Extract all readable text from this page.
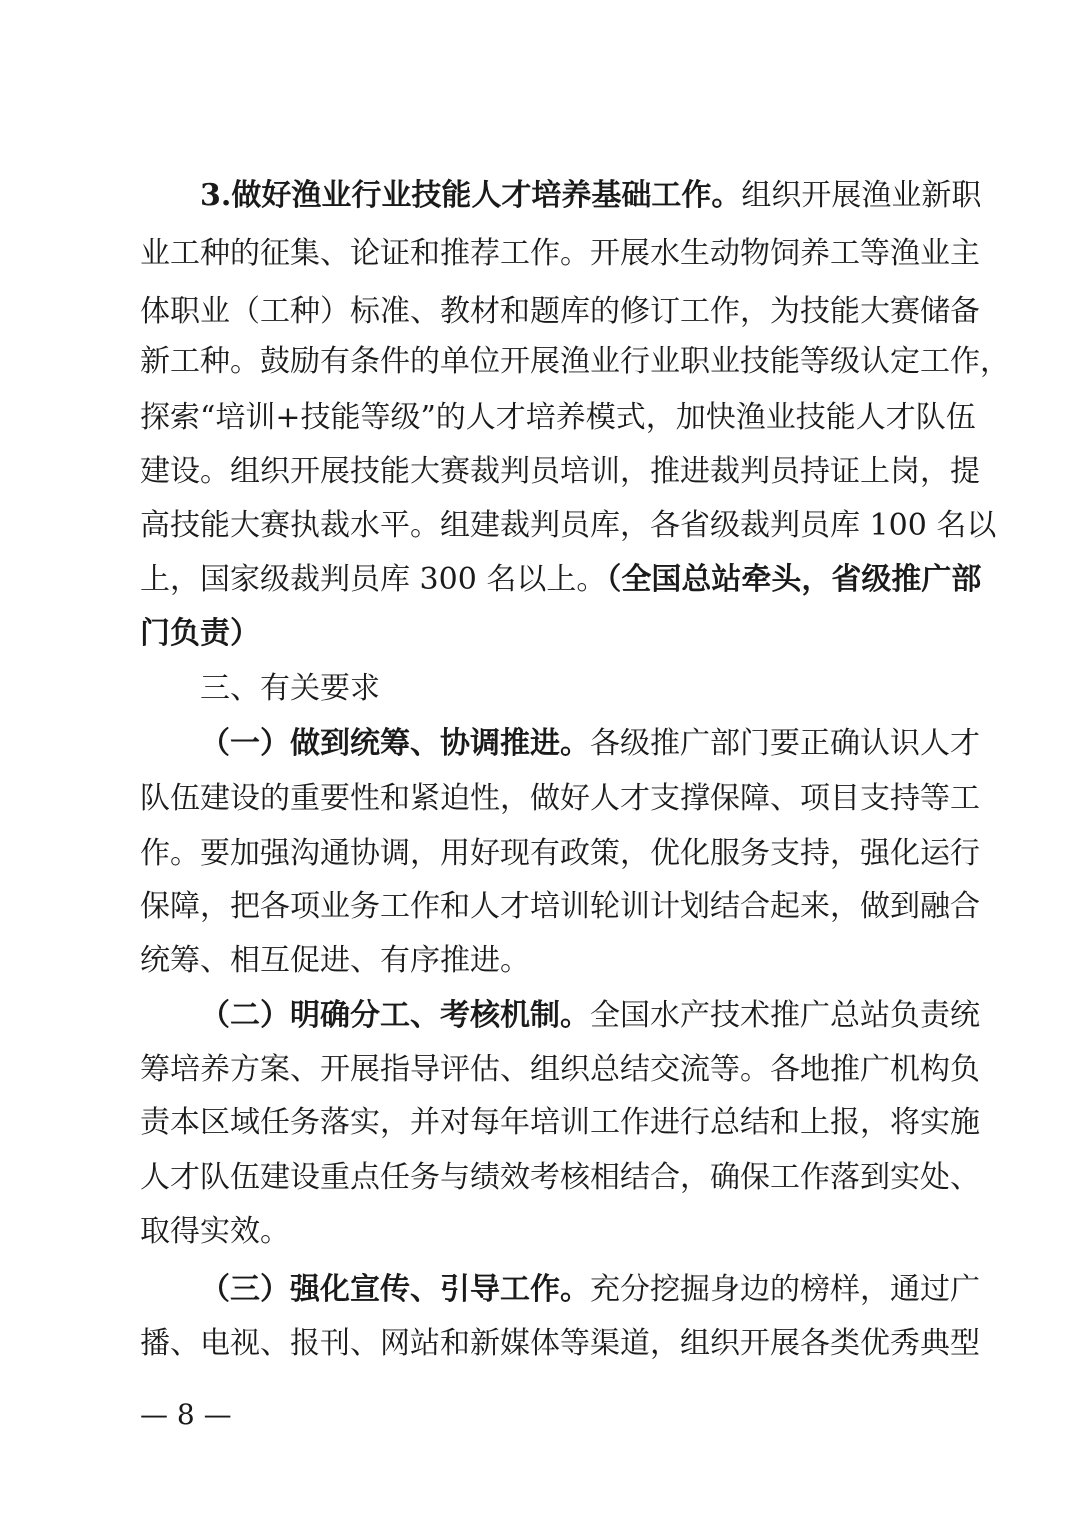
3.做好渔业行业技能人才培养基础工作。组织开展渔业新职
业工种的征集、论证和推荐工作。开展水生动物饲养工等渔业主
体职业（工种）标准、教材和题库的修订工作，为技能大赛储备
新工种。鼓励有条件的单位开展渔业行业职业技能等级认定工作，
探索“培训+技能等级”的人才培养模式，加快渔业技能人才队伍
建设。组织开展技能大赛裁判员培训，推进裁判员持证上岗，提
高技能大赛执裁水平。组建裁判员库，各省级裁判员库 100 名以
上，国家级裁判员库 300 名以上。（全国总站牵头，省级推广部
门负责）
三、有关要求
（一）做到统筹、协调推进。各级推广部门要正确认识人才
队伍建设的重要性和紧迫性，做好人才支撑保障、项目支持等工
作。要加强沟通协调，用好现有政策，优化服务支持，强化运行
保障，把各项业务工作和人才培训轮训计划结合起来，做到融合
统筹、相互促进、有序推进。
（二）明确分工、考核机制。全国水产技术推广总站负责统
筹培养方案、开展指导评估、组织总结交流等。各地推广机构负
责本区域任务落实，并对每年培训工作进行总结和上报，将实施
人才队伍建设重点任务与绩效考核相结合，确保工作落到实处、
取得实效。
（三）强化宣传、引导工作。充分挖掘身边的榜样，通过广
播、电视、报刊、网站和新媒体等渠道，组织开展各类优秀典型
— 8 —
